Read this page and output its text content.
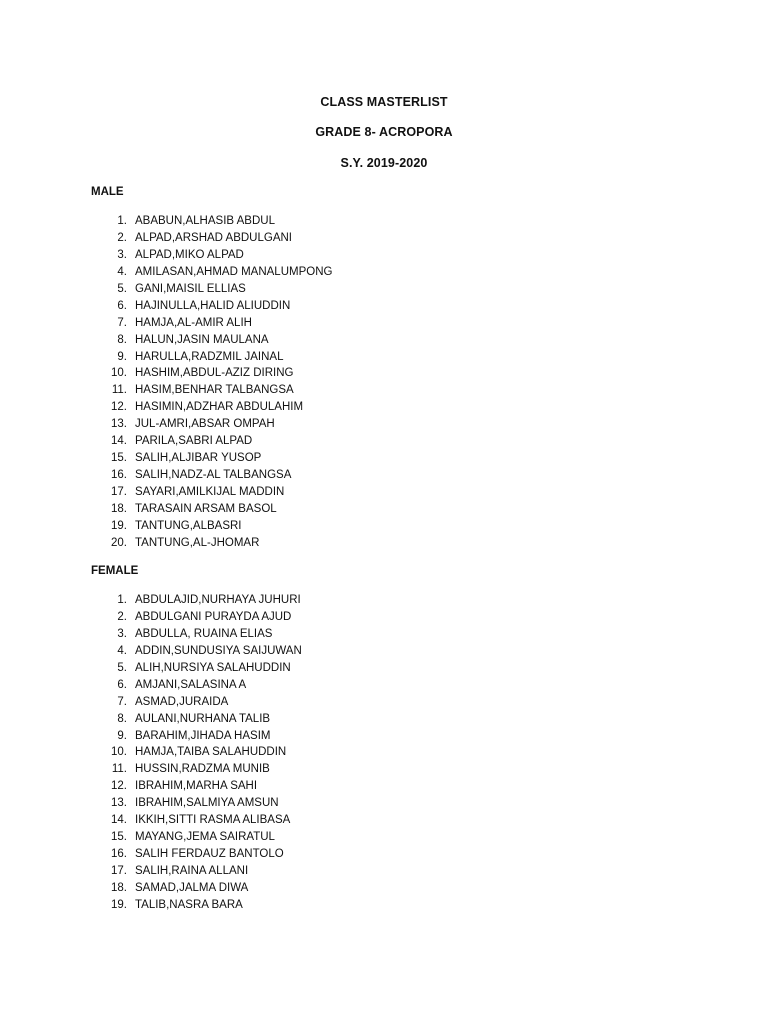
CLASS MASTERLIST
GRADE 8- ACROPORA
S.Y. 2019-2020
MALE
1. ABABUN,ALHASIB ABDUL
2. ALPAD,ARSHAD ABDULGANI
3. ALPAD,MIKO ALPAD
4. AMILASAN,AHMAD MANALUMPONG
5. GANI,MAISIL ELLIAS
6. HAJINULLA,HALID ALIUDDIN
7. HAMJA,AL-AMIR ALIH
8. HALUN,JASIN MAULANA
9. HARULLA,RADZMIL JAINAL
10. HASHIM,ABDUL-AZIZ DIRING
11. HASIM,BENHAR TALBANGSA
12. HASIMIN,ADZHAR ABDULAHIM
13. JUL-AMRI,ABSAR OMPAH
14. PARILA,SABRI ALPAD
15. SALIH,ALJIBAR YUSOP
16. SALIH,NADZ-AL TALBANGSA
17. SAYARI,AMILKIJAL MADDIN
18. TARASAIN ARSAM BASOL
19. TANTUNG,ALBASRI
20. TANTUNG,AL-JHOMAR
FEMALE
1. ABDULAJID,NURHAYA JUHURI
2. ABDULGANI PURAYDA AJUD
3. ABDULLA, RUAINA ELIAS
4. ADDIN,SUNDUSIYA SAIJUWAN
5. ALIH,NURSIYA SALAHUDDIN
6. AMJANI,SALASINA A
7. ASMAD,JURAIDA
8. AULANI,NURHANA TALIB
9. BARAHIM,JIHADA HASIM
10. HAMJA,TAIBA SALAHUDDIN
11. HUSSIN,RADZMA MUNIB
12. IBRAHIM,MARHA SAHI
13. IBRAHIM,SALMIYA AMSUN
14. IKKIH,SITTI RASMA ALIBASA
15. MAYANG,JEMA SAIRATUL
16. SALIH FERDAUZ BANTOLO
17. SALIH,RAINA ALLANI
18. SAMAD,JALMA DIWA
19. TALIB,NASRA BARA
